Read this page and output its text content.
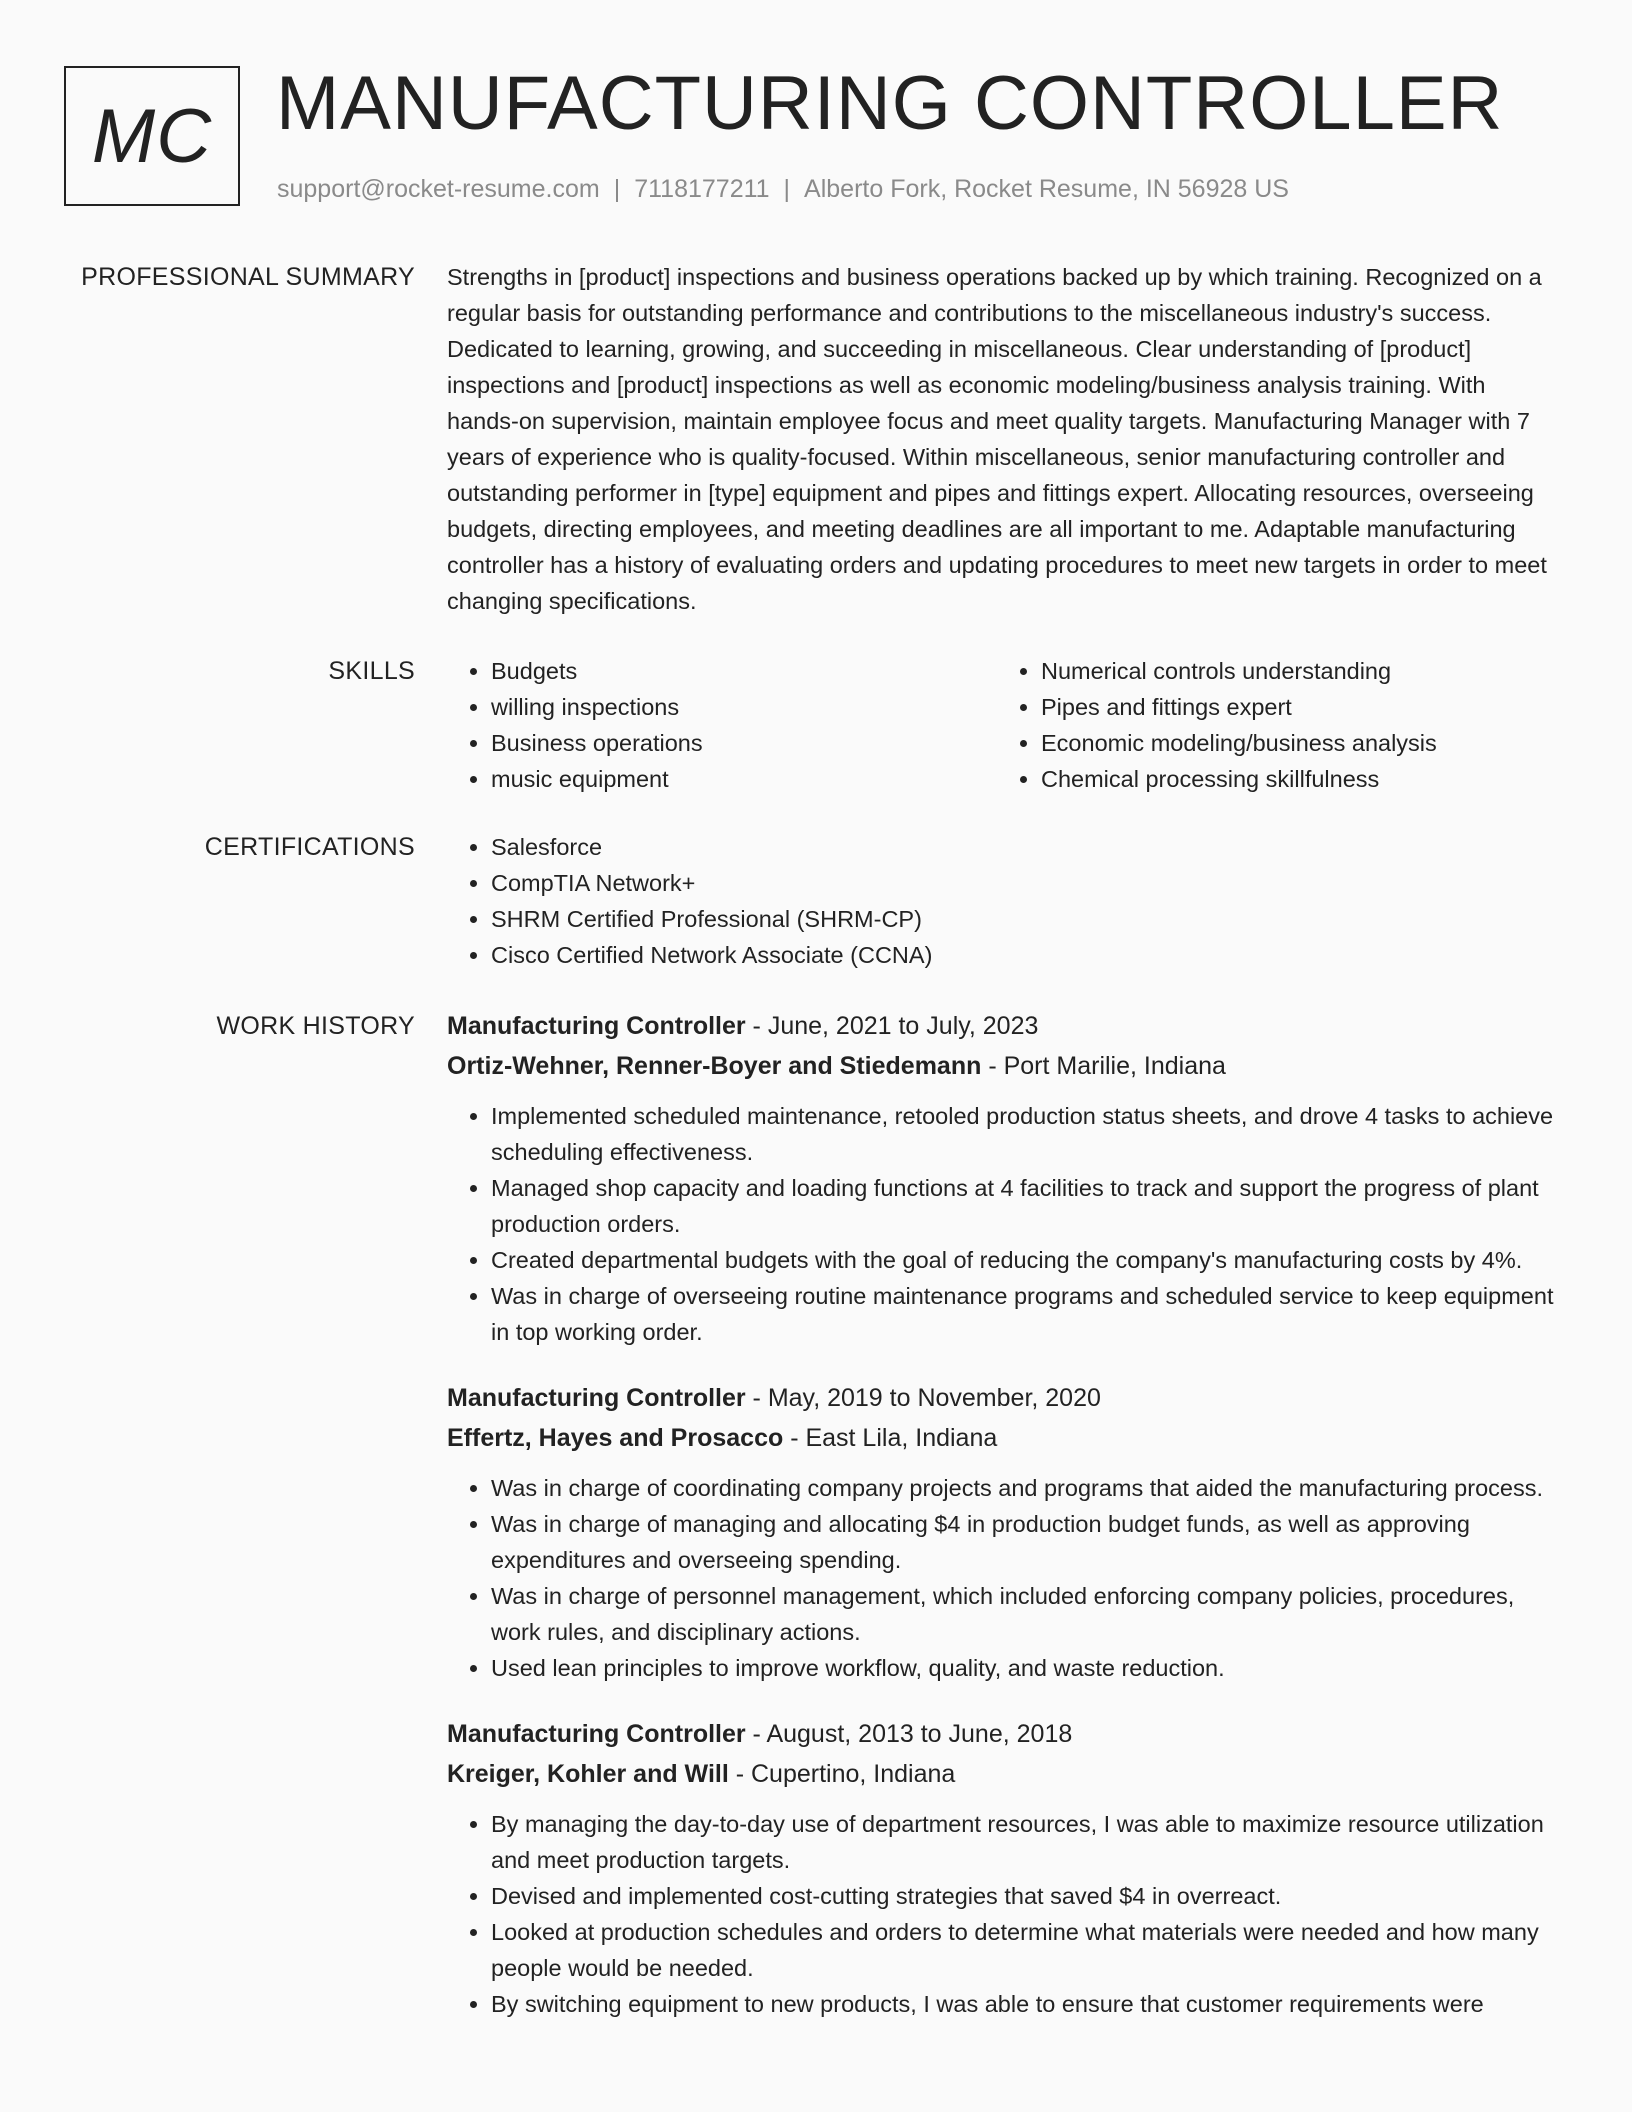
MC MANUFACTURING CONTROLLER
support@rocket-resume.com | 7118177211 | Alberto Fork, Rocket Resume, IN 56928 US
PROFESSIONAL SUMMARY Strengths in [product] inspections and business operations backed up by which training. Recognized on a regular basis for outstanding performance and contributions to the miscellaneous industry's success. Dedicated to learning, growing, and succeeding in miscellaneous. Clear understanding of [product] inspections and [product] inspections as well as economic modeling/business analysis training. With hands-on supervision, maintain employee focus and meet quality targets. Manufacturing Manager with 7 years of experience who is quality-focused. Within miscellaneous, senior manufacturing controller and outstanding performer in [type] equipment and pipes and fittings expert. Allocating resources, overseeing budgets, directing employees, and meeting deadlines are all important to me. Adaptable manufacturing controller has a history of evaluating orders and updating procedures to meet new targets in order to meet changing specifications.

SKILLS	• Budgets
• willing inspections
• Business operations
• music equipment
• Numerical controls understanding
• Pipes and fittings expert
• Economic modeling/business analysis
• Chemical processing skillfulness
CERTIFICATIONS	• Salesforce
• CompTIA Network+
• SHRM Certified Professional (SHRM-CP)
• Cisco Certified Network Associate (CCNA)
WORK HISTORY Manufacturing Controller - June, 2021 to July, 2023
Ortiz-Wehner, Renner-Boyer and Stiedemann - Port Marilie, Indiana
• Implemented scheduled maintenance, retooled production status sheets, and drove 4 tasks to achieve scheduling effectiveness.
• Managed shop capacity and loading functions at 4 facilities to track and support the progress of plant production orders.
• Created departmental budgets with the goal of reducing the company's manufacturing costs by 4%.
• Was in charge of overseeing routine maintenance programs and scheduled service to keep equipment in top working order.
Manufacturing Controller - May, 2019 to November, 2020
Effertz, Hayes and Prosacco - East Lila, Indiana
• Was in charge of coordinating company projects and programs that aided the manufacturing process.
• Was in charge of managing and allocating $4 in production budget funds, as well as approving expenditures and overseeing spending.
• Was in charge of personnel management, which included enforcing company policies, procedures, work rules, and disciplinary actions.
• Used lean principles to improve workflow, quality, and waste reduction.
Manufacturing Controller - August, 2013 to June, 2018
Kreiger, Kohler and Will - Cupertino, Indiana
• By managing the day-to-day use of department resources, I was able to maximize resource utilization and meet production targets.
• Devised and implemented cost-cutting strategies that saved $4 in overreact.
• Looked at production schedules and orders to determine what materials were needed and how many people would be needed.
• By switching equipment to new products, I was able to ensure that customer requirements were
